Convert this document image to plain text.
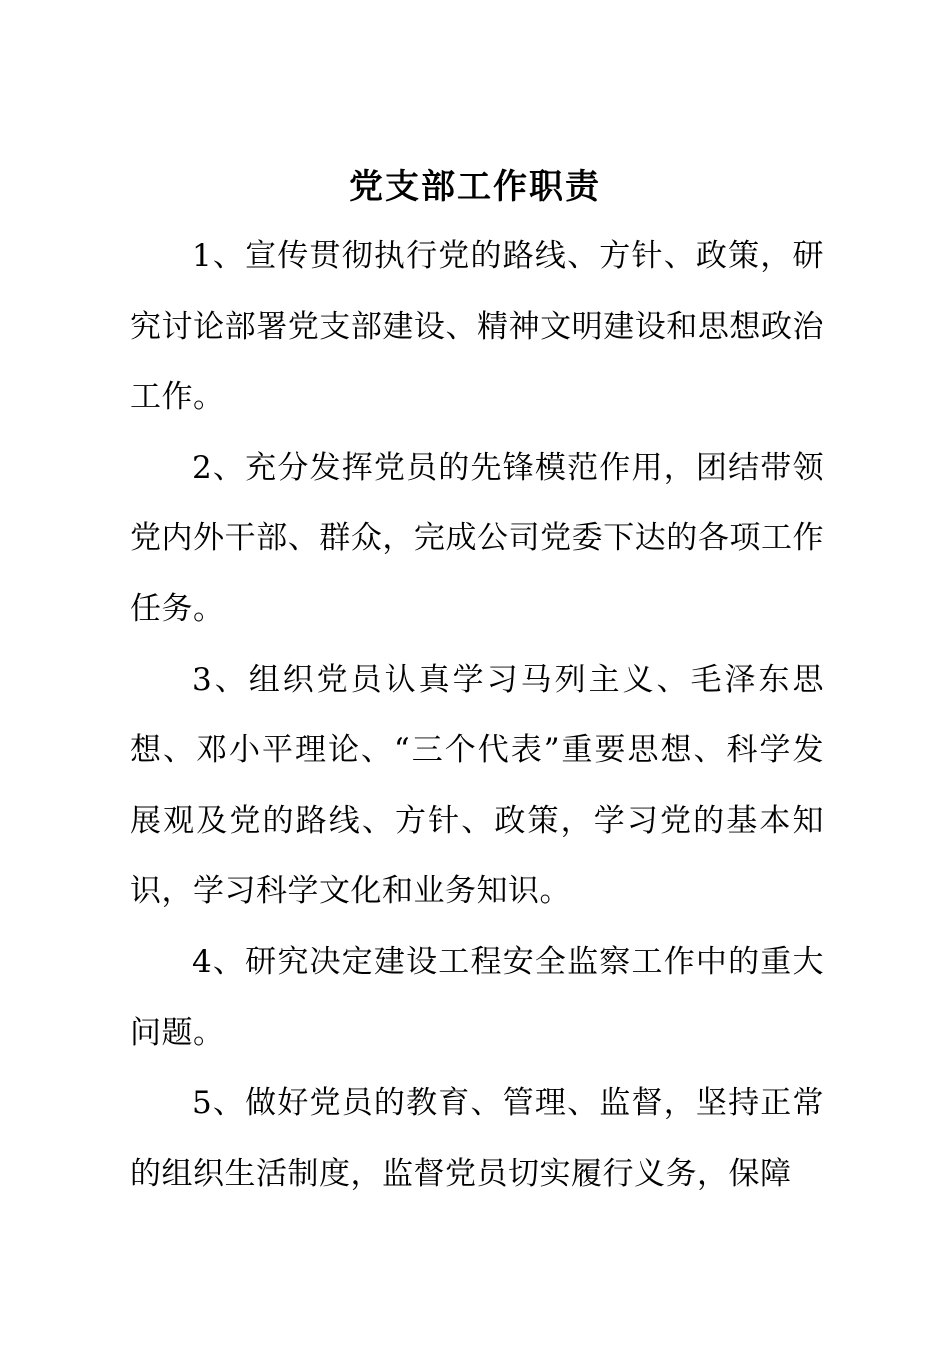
党支部工作职责

1、宣传贯彻执行党的路线、方针、政策，研究讨论部署党支部建设、精神文明建设和思想政治工作。

2、充分发挥党员的先锋模范作用，团结带领党内外干部、群众，完成公司党委下达的各项工作任务。

3、组织党员认真学习马列主义、毛泽东思想、邓小平理论、“三个代表”重要思想、科学发展观及党的路线、方针、政策，学习党的基本知识，学习科学文化和业务知识。

4、研究决定建设工程安全监察工作中的重大问题。

5、做好党员的教育、管理、监督，坚持正常的组织生活制度，监督党员切实履行义务，保障
